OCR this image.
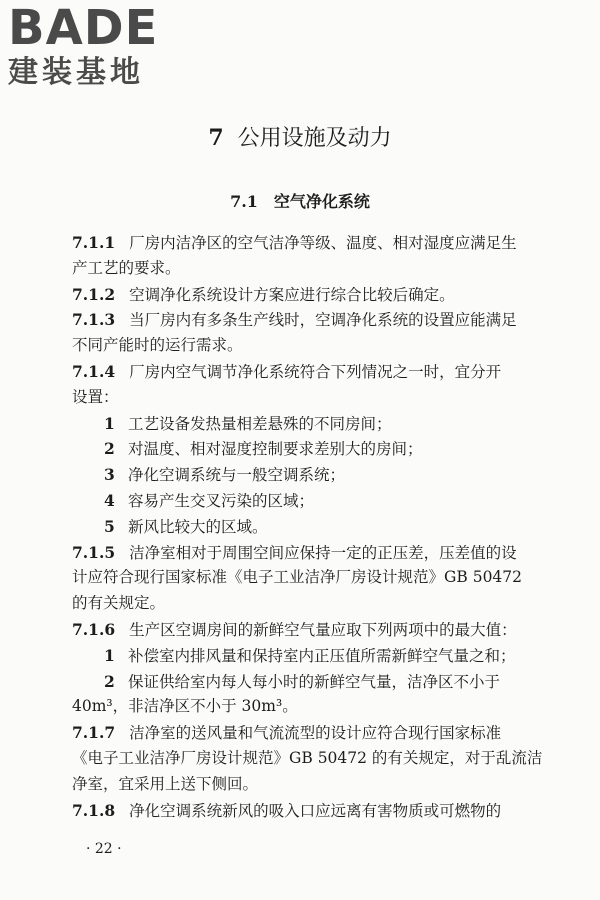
BADE
建装基地
7 公用设施及动力
7.1 空气净化系统
7.1.1 厂房内洁净区的空气洁净等级、温度、相对湿度应满足生
产工艺的要求。
7.1.2 空调净化系统设计方案应进行综合比较后确定。
7.1.3 当厂房内有多条生产线时，空调净化系统的设置应能满足
不同产能时的运行需求。
7.1.4 厂房内空气调节净化系统符合下列情况之一时，宜分开
设置：
1 工艺设备发热量相差悬殊的不同房间；
2 对温度、相对湿度控制要求差别大的房间；
3 净化空调系统与一般空调系统；
4 容易产生交叉污染的区域；
5 新风比较大的区域。
7.1.5 洁净室相对于周围空间应保持一定的正压差，压差值的设
计应符合现行国家标准《电子工业洁净厂房设计规范》GB 50472
的有关规定。
7.1.6 生产区空调房间的新鲜空气量应取下列两项中的最大值：
1 补偿室内排风量和保持室内正压值所需新鲜空气量之和；
2 保证供给室内每人每小时的新鲜空气量，洁净区不小于
40m³，非洁净区不小于 30m³。
7.1.7 洁净室的送风量和气流流型的设计应符合现行国家标准
《电子工业洁净厂房设计规范》GB 50472 的有关规定，对于乱流洁
净室，宜采用上送下侧回。
7.1.8 净化空调系统新风的吸入口应远离有害物质或可燃物的
· 22 ·
